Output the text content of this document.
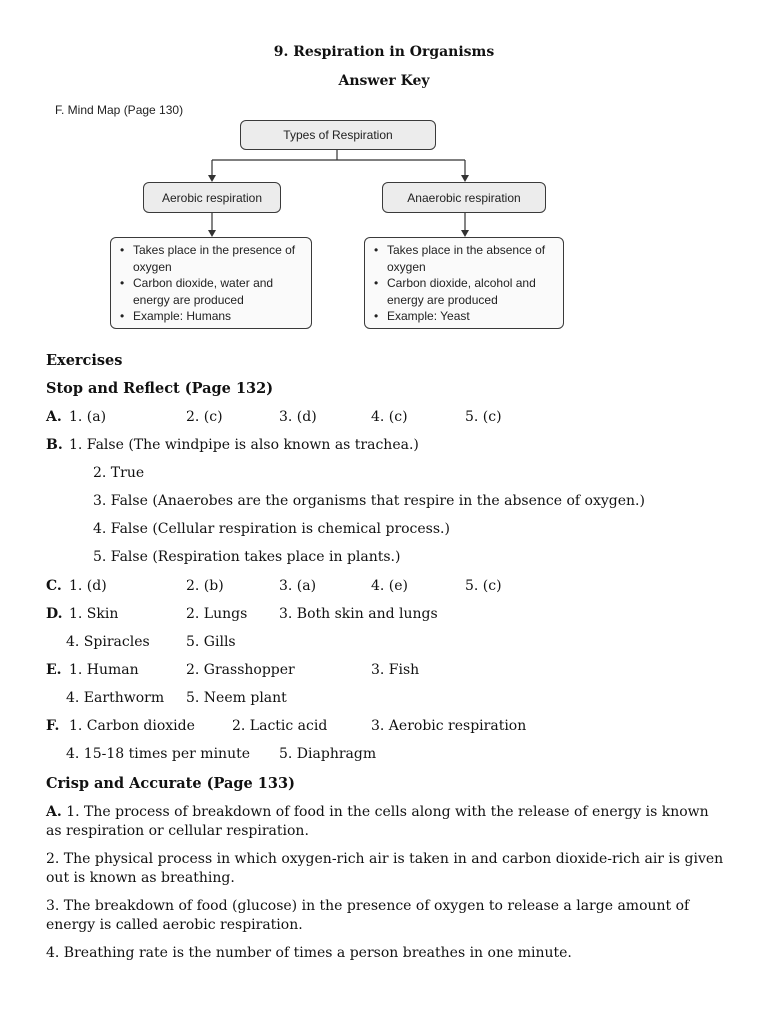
9. Respiration in Organisms
Answer Key
F. Mind Map (Page 130)
Types of Respiration
Aerobic respiration	Anaerobic respiration
• Takes place in the presence of oxygen
• Carbon dioxide, water and energy are produced
• Example: Humans
• Takes place in the absence of oxygen
• Carbon dioxide, alcohol and energy are produced
• Example: Yeast
Exercises
Stop and Reflect (Page 132)
A. 1. (a)	2. (c)	3. (d)	4. (c)	5. (c)
B. 1. False (The windpipe is also known as trachea.)
2. True
3. False (Anaerobes are the organisms that respire in the absence of oxygen.)
4. False (Cellular respiration is chemical process.)
5. False (Respiration takes place in plants.)
C. 1. (d)	2. (b)	3. (a)	4. (e)	5. (c)
D. 1. Skin	2. Lungs 3. Both skin and lungs
4. Spiracles	5. Gills
E. 1. Human	2. Grasshopper	3. Fish
4. Earthworm 5. Neem plant
F. 1. Carbon dioxide	2. Lactic acid	3. Aerobic respiration
4. 15-18 times per minute 5. Diaphragm
Crisp and Accurate (Page 133)
A. 1. The process of breakdown of food in the cells along with the release of energy is known as respiration or cellular respiration.
2. The physical process in which oxygen-rich air is taken in and carbon dioxide-rich air is given out is known as breathing.
3. The breakdown of food (glucose) in the presence of oxygen to release a large amount of energy is called aerobic respiration.
4. Breathing rate is the number of times a person breathes in one minute.
